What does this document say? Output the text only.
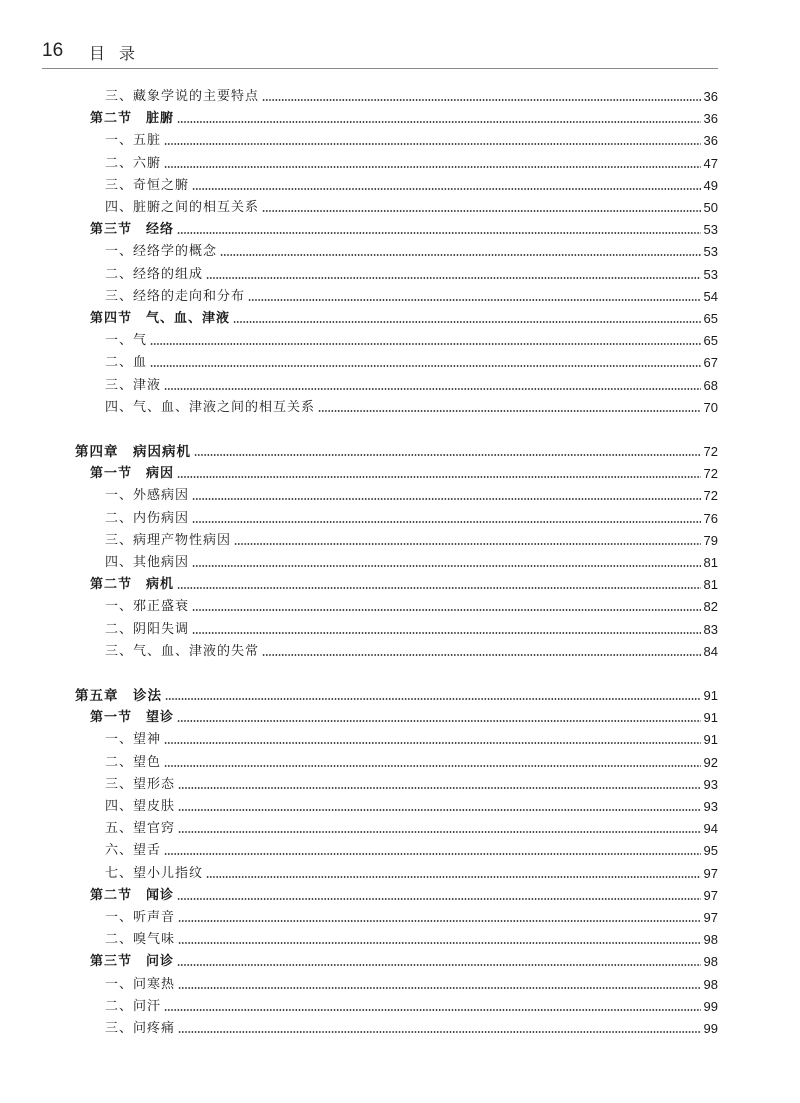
16 目录
三、藏象学说的主要特点	36
第二节　脏腑	36
一、五脏	36
二、六腑	47
三、奇恒之腑	49
四、脏腑之间的相互关系	50
第三节　经络	53
一、经络学的概念	53
二、经络的组成	53
三、经络的走向和分布	54
第四节　气、血、津液	65
一、气	65
二、血	67
三、津液	68
四、气、血、津液之间的相互关系	70
第四章　病因病机	72
第一节　病因	72
一、外感病因	72
二、内伤病因	76
三、病理产物性病因	79
四、其他病因	81
第二节　病机	81
一、邪正盛衰	82
二、阴阳失调	83
三、气、血、津液的失常	84
第五章　诊法	91
第一节　望诊	91
一、望神	91
二、望色	92
三、望形态	93
四、望皮肤	93
五、望官窍	94
六、望舌	95
七、望小儿指纹	97
第二节　闻诊	97
一、听声音	97
二、嗅气味	98
第三节　问诊	98
一、问寒热	98
二、问汗	99
三、问疼痛	99
